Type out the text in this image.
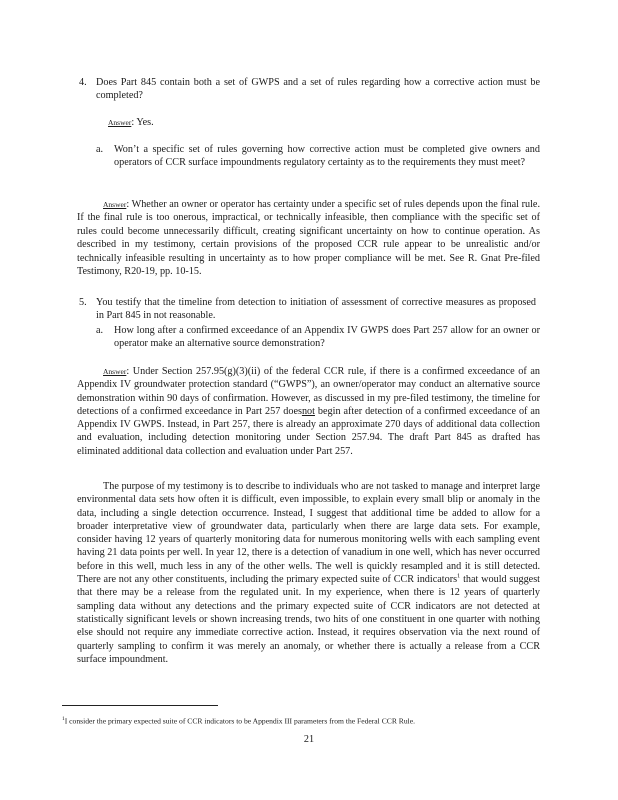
4. Does Part 845 contain both a set of GWPS and a set of rules regarding how a corrective action must be completed?
Answer: Yes.
a. Won’t a specific set of rules governing how corrective action must be completed give owners and operators of CCR surface impoundments regulatory certainty as to the requirements they must meet?
Answer: Whether an owner or operator has certainty under a specific set of rules depends upon the final rule. If the final rule is too onerous, impractical, or technically infeasible, then compliance with the specific set of rules could become unnecessarily difficult, creating significant uncertainty on how to continue operation. As described in my testimony, certain provisions of the proposed CCR rule appear to be unrealistic and/or technically infeasible resulting in uncertainty as to how proper compliance will be met. See R. Gnat Pre-filed Testimony, R20-19, pp. 10-15.
5. You testify that the timeline from detection to initiation of assessment of corrective measures as proposed in Part 845 in not reasonable.
a. How long after a confirmed exceedance of an Appendix IV GWPS does Part 257 allow for an owner or operator make an alternative source demonstration?
Answer: Under Section 257.95(g)(3)(ii) of the federal CCR rule, if there is a confirmed exceedance of an Appendix IV groundwater protection standard (“GWPS”), an owner/operator may conduct an alternative source demonstration within 90 days of confirmation. However, as discussed in my pre-filed testimony, the timeline for detections of a confirmed exceedance in Part 257 doesnot begin after detection of a confirmed exceedance of an Appendix IV GWPS. Instead, in Part 257, there is already an approximate 270 days of additional data collection and evaluation, including detection monitoring under Section 257.94. The draft Part 845 as drafted has eliminated additional data collection and evaluation under Part 257.
The purpose of my testimony is to describe to individuals who are not tasked to manage and interpret large environmental data sets how often it is difficult, even impossible, to explain every small blip or anomaly in the data, including a single detection occurrence. Instead, I suggest that additional time be added to allow for a broader interpretative view of groundwater data, particularly when there are large data sets. For example, consider having 12 years of quarterly monitoring data for numerous monitoring wells with each sampling event having 21 data points per well. In year 12, there is a detection of vanadium in one well, which has never occurred before in this well, much less in any of the other wells. The well is quickly resampled and it is still detected. There are not any other constituents, including the primary expected suite of CCR indicators$^1$ that would suggest that there may be a release from the regulated unit. In my experience, when there is 12 years of quarterly sampling data without any detections and the primary expected suite of CCR indicators are not detected at statistically significant levels or shown increasing trends, two hits of one constituent in one quarter with nothing else should not require any immediate corrective action. Instead, it requires observation via the next round of quarterly sampling to confirm it was merely an anomaly, or whether there is actually a release from a CCR surface impoundment.
$^1$I consider the primary expected suite of CCR indicators to be Appendix III parameters from the Federal CCR Rule.
21
